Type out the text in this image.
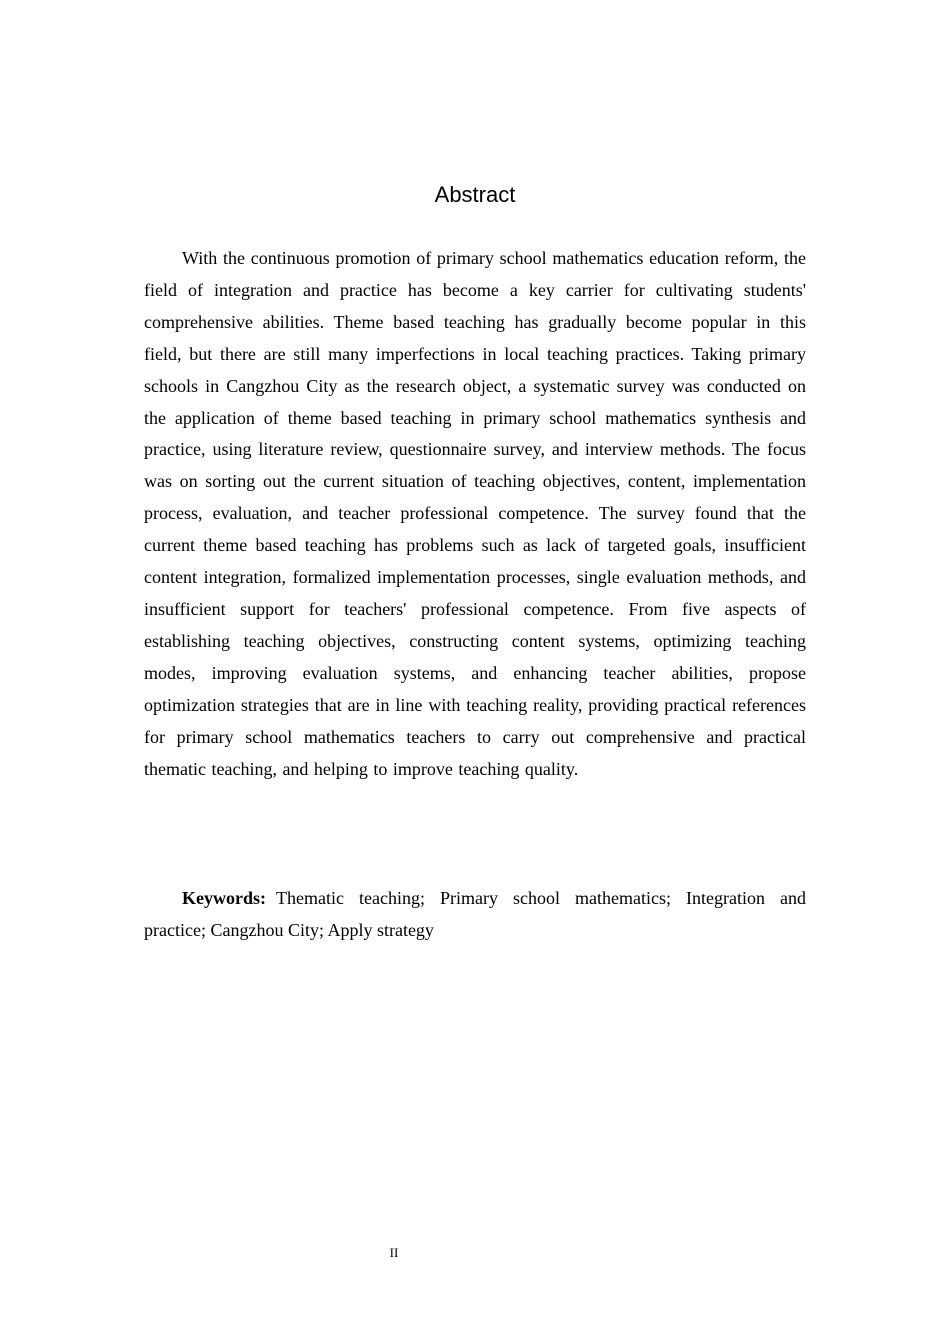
Abstract

With the continuous promotion of primary school mathematics education reform, the field of integration and practice has become a key carrier for cultivating students' comprehensive abilities. Theme based teaching has gradually become popular in this field, but there are still many imperfections in local teaching practices. Taking primary schools in Cangzhou City as the research object, a systematic survey was conducted on the application of theme based teaching in primary school mathematics synthesis and practice, using literature review, questionnaire survey, and interview methods. The focus was on sorting out the current situation of teaching objectives, content, implementation process, evaluation, and teacher professional competence. The survey found that the current theme based teaching has problems such as lack of targeted goals, insufficient content integration, formalized implementation processes, single evaluation methods, and insufficient support for teachers' professional competence. From five aspects of establishing teaching objectives, constructing content systems, optimizing teaching modes, improving evaluation systems, and enhancing teacher abilities, propose optimization strategies that are in line with teaching reality, providing practical references for primary school mathematics teachers to carry out comprehensive and practical thematic teaching, and helping to improve teaching quality.

Keywords: Thematic teaching; Primary school mathematics; Integration and practice; Cangzhou City; Apply strategy

II
